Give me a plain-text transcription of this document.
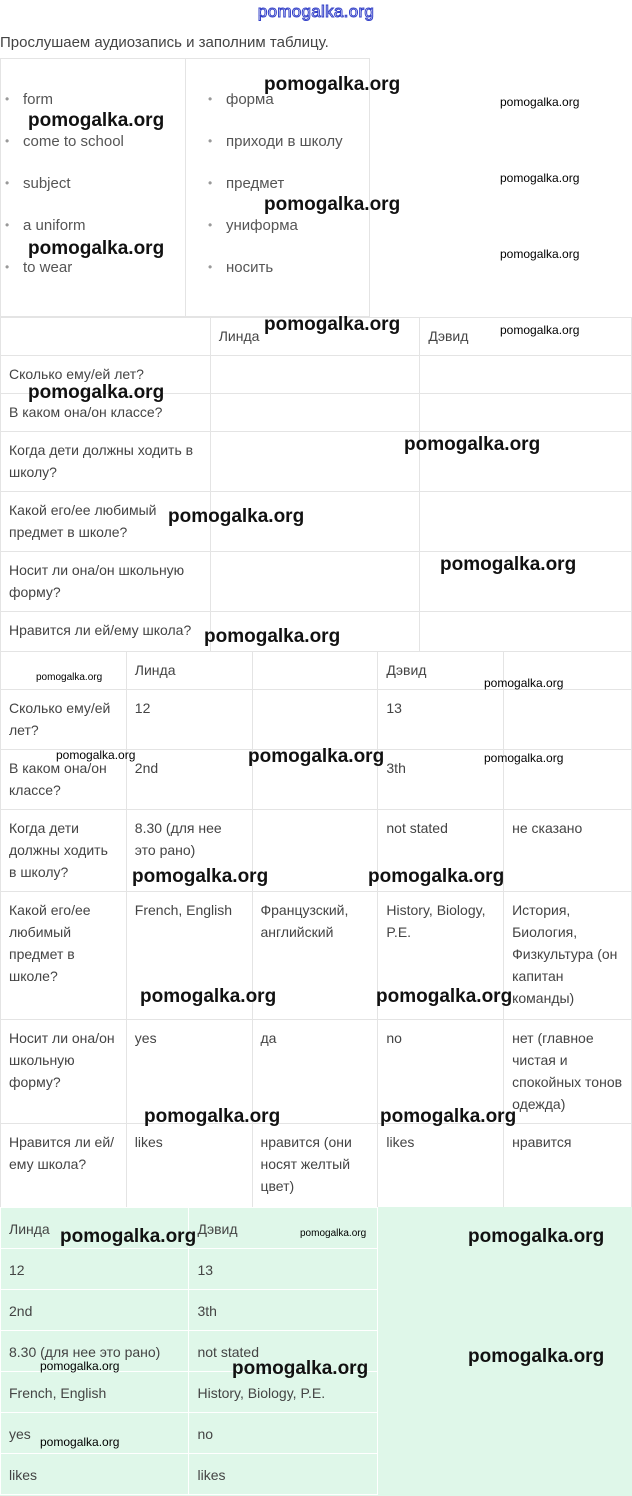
pomogalka.org
Прослушаем аудиозапись и заполним таблицу.
• form
• come to school
• subject
• a uniform
• to wear
• форма
• приходи в школу
• предмет
• униформа
• носить
	Линда	Дэвид
Сколько ему/ей лет?		
В каком она/он классе?		
Когда дети должны ходить в школу?		
Какой его/ее любимый предмет в школе?		
Носит ли она/он школьную форму?		
Нравится ли ей/ему школа?		
	Линда		Дэвид	
Сколько ему/ей лет?	12		13	
В каком она/он классе?	2nd		3th	
Когда дети должны ходить в школу?	8.30 (для нее это рано)		not stated	не сказано
Какой его/ее любимый предмет в школе?	French, English	Французский, английский	History, Biology, P.E.	История, Биология, Физкультура (он капитан команды)
Носит ли она/он школьную форму?	yes	да	no	нет (главное чистая и спокойных тонов одежда)
Нравится ли ей/ему школа?	likes	нравится (они носят желтый цвет)	likes	нравится
Линда	Дэвид
12	13
2nd	3th
8.30 (для нее это рано)	not stated
French, English	History, Biology, P.E.
yes	no
likes	likes
pomogalka.org
pomogalka.org
pomogalka.org
pomogalka.org
pomogalka.org
pomogalka.org	pomogalka.org
pomogalka.org	pomogalka.org
pomogalka.org
pomogalka.org
pomogalka.org
pomogalka.org
pomogalka.org
pomogalka.org	pomogalka.org
pomogalka.org	pomogalka.org	pomogalka.org
pomogalka.org	pomogalka.org
pomogalka.org	pomogalka.org
pomogalka.org	pomogalka.org
pomogalka.org	pomogalka.org	pomogalka.org
pomogalka.org
pomogalka.org	pomogalka.org
pomogalka.org
